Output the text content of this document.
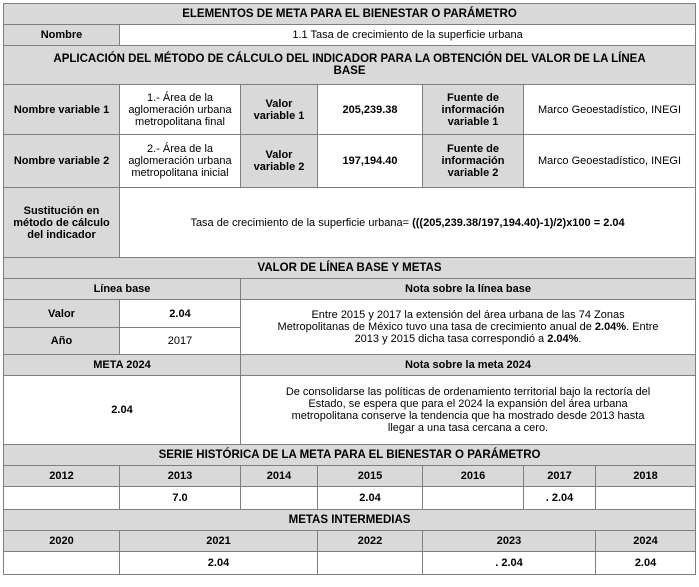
ELEMENTOS DE META PARA EL BIENESTAR O PARÁMETRO						
Nombre	1.1 Tasa de crecimiento de la superficie urbana					
APLICACIÓN DEL MÉTODO DE CÁLCULO DEL INDICADOR PARA LA OBTENCIÓN DEL VALOR DE LA LÍNEA BASE						
Nombre variable 1	1.- Área de la aglomeración urbana metropolitana final	Valor variable 1	205,239.38	Fuente de información variable 1	Marco Geoestadístico, INEGI	
Nombre variable 2	2.- Área de la aglomeración urbana metropolitana inicial	Valor variable 2	197,194.40	Fuente de información variable 2	Marco Geoestadístico, INEGI	
Sustitución en método de cálculo del indicador	Tasa de crecimiento de la superficie urbana= (((205,239.38/197,194.40)-1)/2)x100 = 2.04					
VALOR DE LÍNEA BASE Y METAS						
Línea base		Nota sobre la línea base				
Valor	2.04	Entre 2015 y 2017 la extensión del área urbana de las 74 Zonas Metropolitanas de México tuvo una tasa de crecimiento anual de 2.04%. Entre 2013 y 2015 dicha tasa correspondió a 2.04%.				
Año	2017					
META 2024		Nota sobre la meta 2024				
2.04		De consolidarse las políticas de ordenamiento territorial bajo la rectoría del Estado, se espera que para el 2024 la expansión del área urbana metropolitana conserve la tendencia que ha mostrado desde 2013 hasta llegar a una tasa cercana a cero.				
SERIE HISTÓRICA DE LA META PARA EL BIENESTAR O PARÁMETRO						
2012	2013	2014	2015	2016	2017	2018
	7.0		2.04		. 2.04	
METAS INTERMEDIAS						
2020	2021		2022	2023		2024
	2.04			. 2.04		2.04
